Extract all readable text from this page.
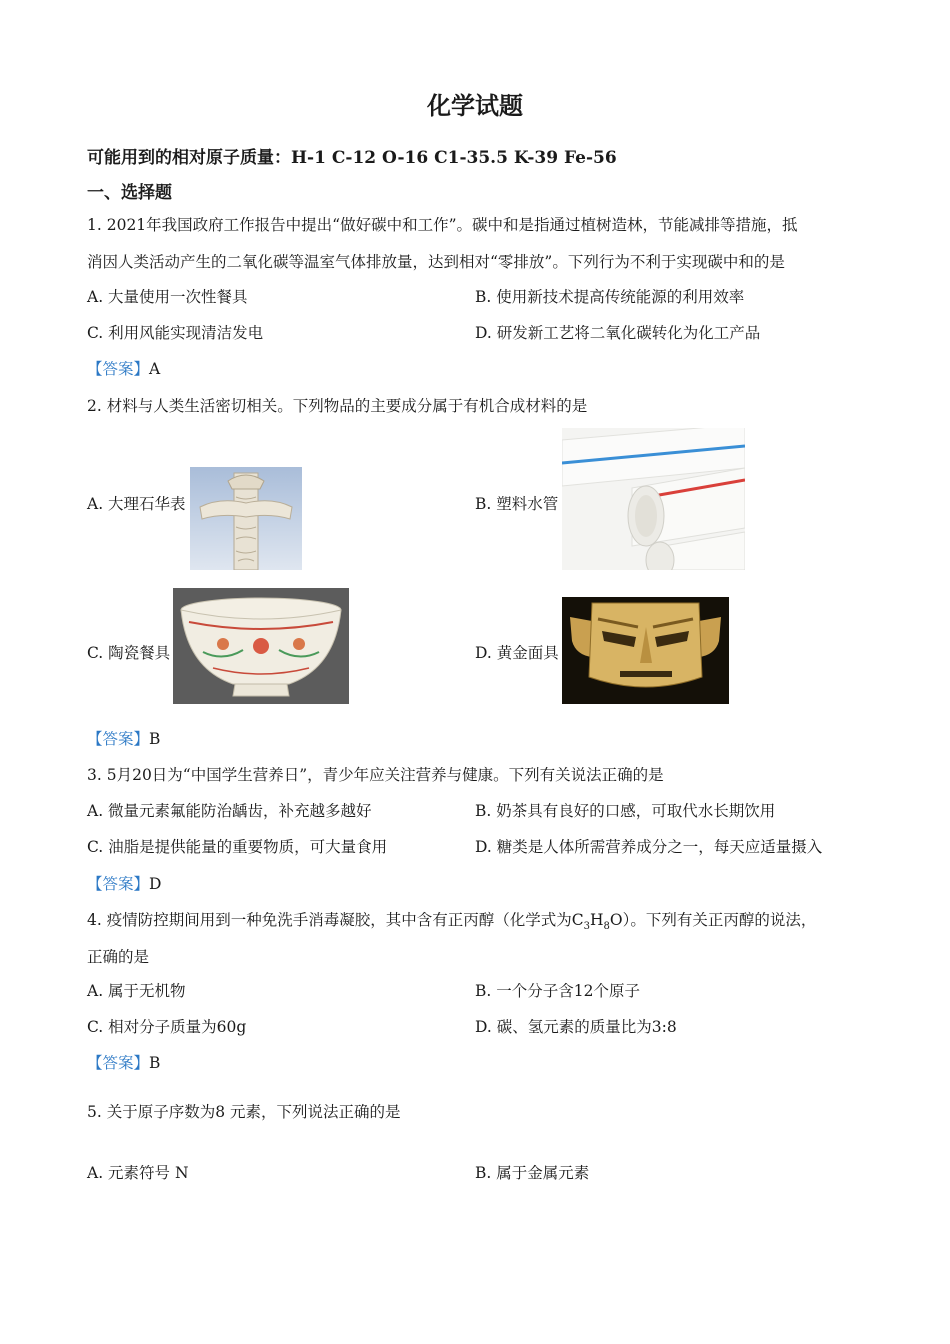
化学试题
可能用到的相对原子质量：H-1 C-12 O-16 C1-35.5 K-39 Fe-56
一、选择题
1. 2021年我国政府工作报告中提出“做好碳中和工作”。碳中和是指通过植树造林，节能减排等措施，抵
消因人类活动产生的二氧化碳等温室气体排放量，达到相对“零排放”。下列行为不利于实现碳中和的是
A. 大量使用一次性餐具	B. 使用新技术提高传统能源的利用效率
C. 利用风能实现清洁发电	D. 研发新工艺将二氧化碳转化为化工产品
【答案】A
2. 材料与人类生活密切相关。下列物品的主要成分属于有机合成材料的是
A. 大理石华表	B. 塑料水管
C. 陶瓷餐具	D. 黄金面具
【答案】B
3. 5月20日为“中国学生营养日”，青少年应关注营养与健康。下列有关说法正确的是
A. 微量元素氟能防治龋齿，补充越多越好	B. 奶茶具有良好的口感，可取代水长期饮用
C. 油脂是提供能量的重要物质，可大量食用	D. 糖类是人体所需营养成分之一，每天应适量摄入
【答案】D
4. 疫情防控期间用到一种免洗手消毒凝胶，其中含有正丙醇（化学式为$C_3H_8O$）。下列有关正丙醇的说法，
正确的是
A. 属于无机物	B. 一个分子含12个原子
C. 相对分子质量为60g	D. 碳、氢元素的质量比为3:8
【答案】B
5. 关于原子序数为8 元素，下列说法正确的是
A. 元素符号 N	B. 属于金属元素
